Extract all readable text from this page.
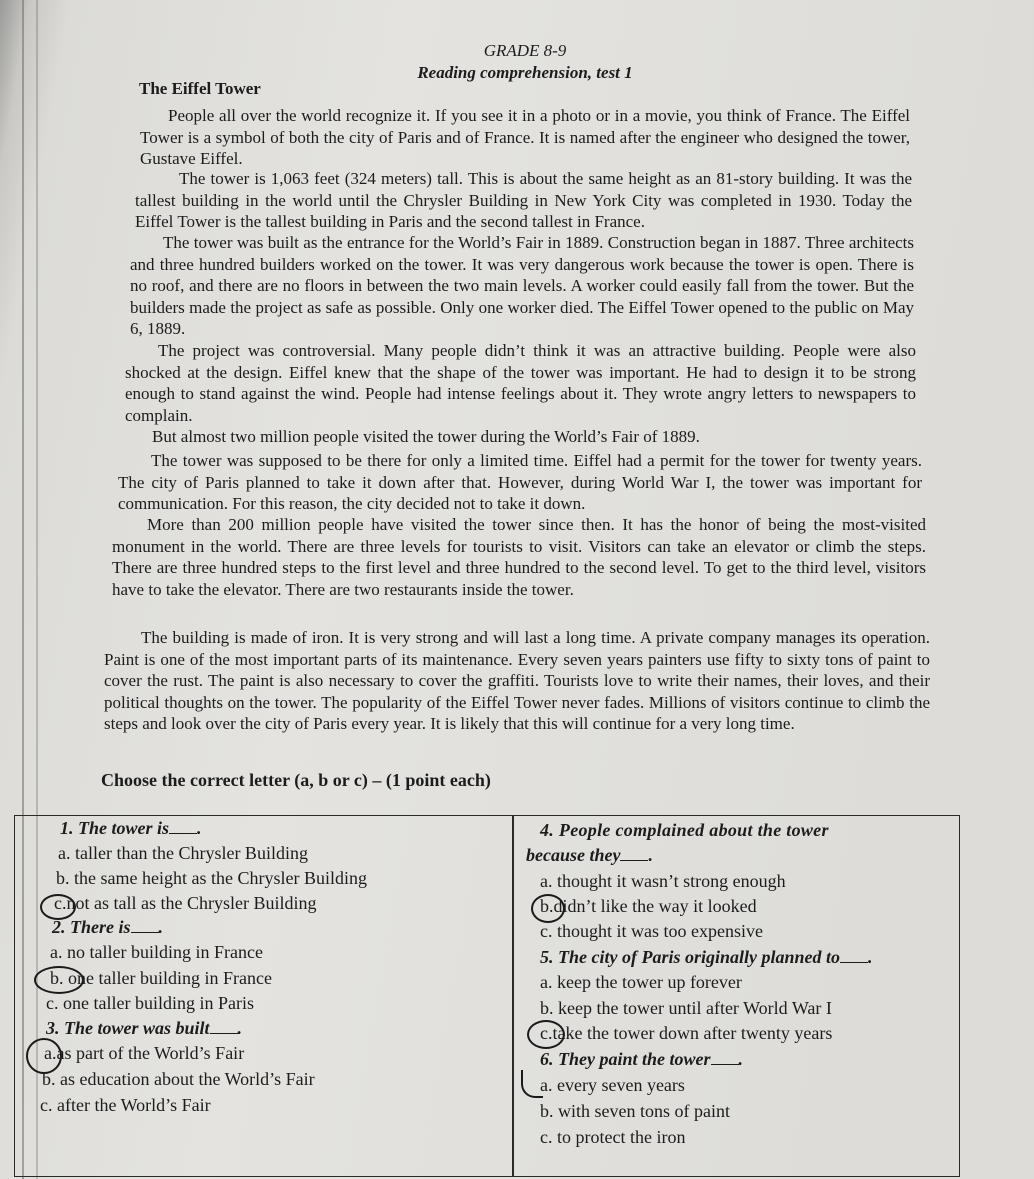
GRADE 8-9
Reading comprehension, test 1
The Eiffel Tower
People all over the world recognize it. If you see it in a photo or in a movie, you think of France. The Eiffel Tower is a symbol of both the city of Paris and of France. It is named after the engineer who designed the tower, Gustave Eiffel.
The tower is 1,063 feet (324 meters) tall. This is about the same height as an 81-story building. It was the tallest building in the world until the Chrysler Building in New York City was completed in 1930. Today the Eiffel Tower is the tallest building in Paris and the second tallest in France.
The tower was built as the entrance for the World’s Fair in 1889. Construction began in 1887. Three architects and three hundred builders worked on the tower. It was very dangerous work because the tower is open. There is no roof, and there are no floors in between the two main levels. A worker could easily fall from the tower. But the builders made the project as safe as possible. Only one worker died. The Eiffel Tower opened to the public on May 6, 1889.
The project was controversial. Many people didn’t think it was an attractive building. People were also shocked at the design. Eiffel knew that the shape of the tower was important. He had to design it to be strong enough to stand against the wind. People had intense feelings about it. They wrote angry letters to newspapers to complain.
But almost two million people visited the tower during the World’s Fair of 1889.
The tower was supposed to be there for only a limited time. Eiffel had a permit for the tower for twenty years. The city of Paris planned to take it down after that. However, during World War I, the tower was important for communication. For this reason, the city decided not to take it down.
More than 200 million people have visited the tower since then. It has the honor of being the most-visited monument in the world. There are three levels for tourists to visit. Visitors can take an elevator or climb the steps. There are three hundred steps to the first level and three hundred to the second level. To get to the third level, visitors have to take the elevator. There are two restaurants inside the tower.
The building is made of iron. It is very strong and will last a long time. A private company manages its operation. Paint is one of the most important parts of its maintenance. Every seven years painters use fifty to sixty tons of paint to cover the rust. The paint is also necessary to cover the graffiti. Tourists love to write their names, their loves, and their political thoughts on the tower. The popularity of the Eiffel Tower never fades. Millions of visitors continue to climb the steps and look over the city of Paris every year. It is likely that this will continue for a very long time.
Choose the correct letter (a, b or c) – (1 point each)
1. The tower is .
a. taller than the Chrysler Building
b. the same height as the Chrysler Building
c.not as tall as the Chrysler Building
2. There is .
a. no taller building in France
b. one taller building in France
c. one taller building in Paris
3. The tower was built .
a.as part of the World’s Fair
b. as education about the World’s Fair
c. after the World’s Fair
4. People complained about the tower
because they .
a. thought it wasn’t strong enough
b.didn’t like the way it looked
c. thought it was too expensive
5. The city of Paris originally planned to .
a. keep the tower up forever
b. keep the tower until after World War I
c.take the tower down after twenty years
6. They paint the tower .
a. every seven years
b. with seven tons of paint
c. to protect the iron
